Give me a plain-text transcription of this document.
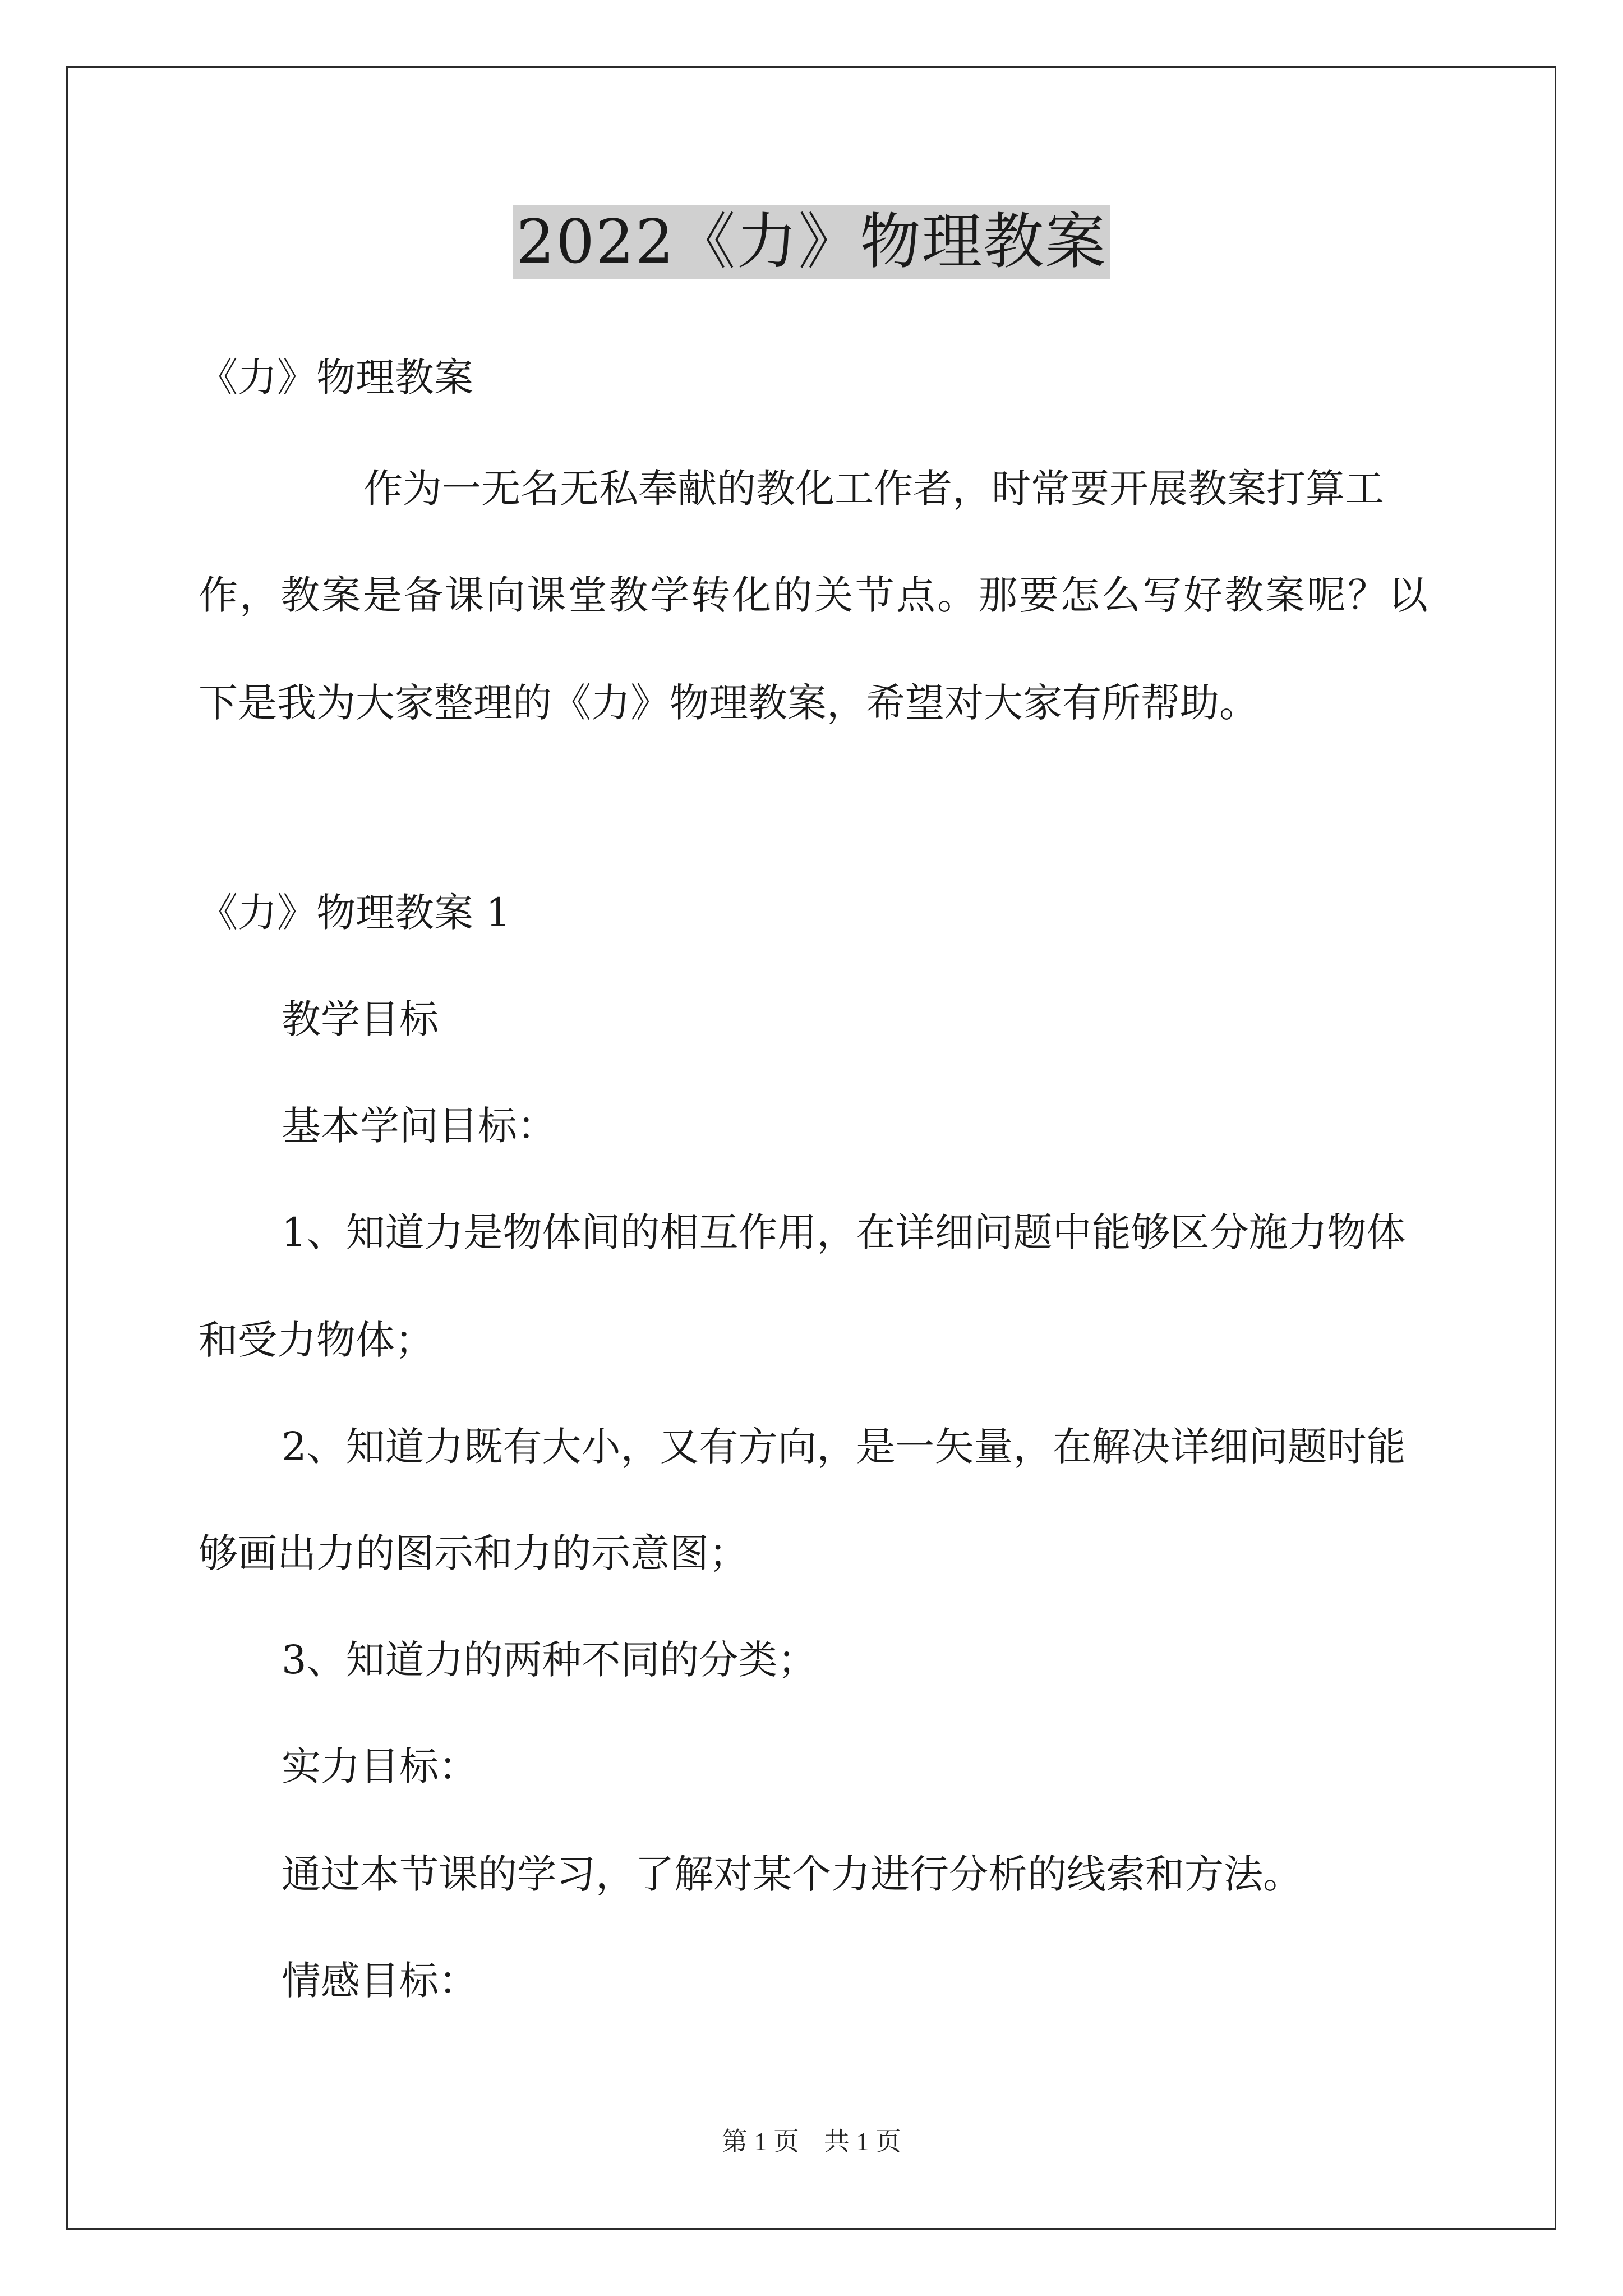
2022《力》物理教案
《力》物理教案
作为一无名无私奉献的教化工作者，时常要开展教案打算工
作，教案是备课向课堂教学转化的关节点。那要怎么写好教案呢？以
下是我为大家整理的《力》物理教案，希望对大家有所帮助。
《力》物理教案 1
教学目标
基本学问目标：
1、知道力是物体间的相互作用，在详细问题中能够区分施力物体
和受力物体；
2、知道力既有大小，又有方向，是一矢量，在解决详细问题时能
够画出力的图示和力的示意图；
3、知道力的两种不同的分类；
实力目标：
通过本节课的学习，了解对某个力进行分析的线索和方法。
情感目标：
第 1 页 共 1 页
